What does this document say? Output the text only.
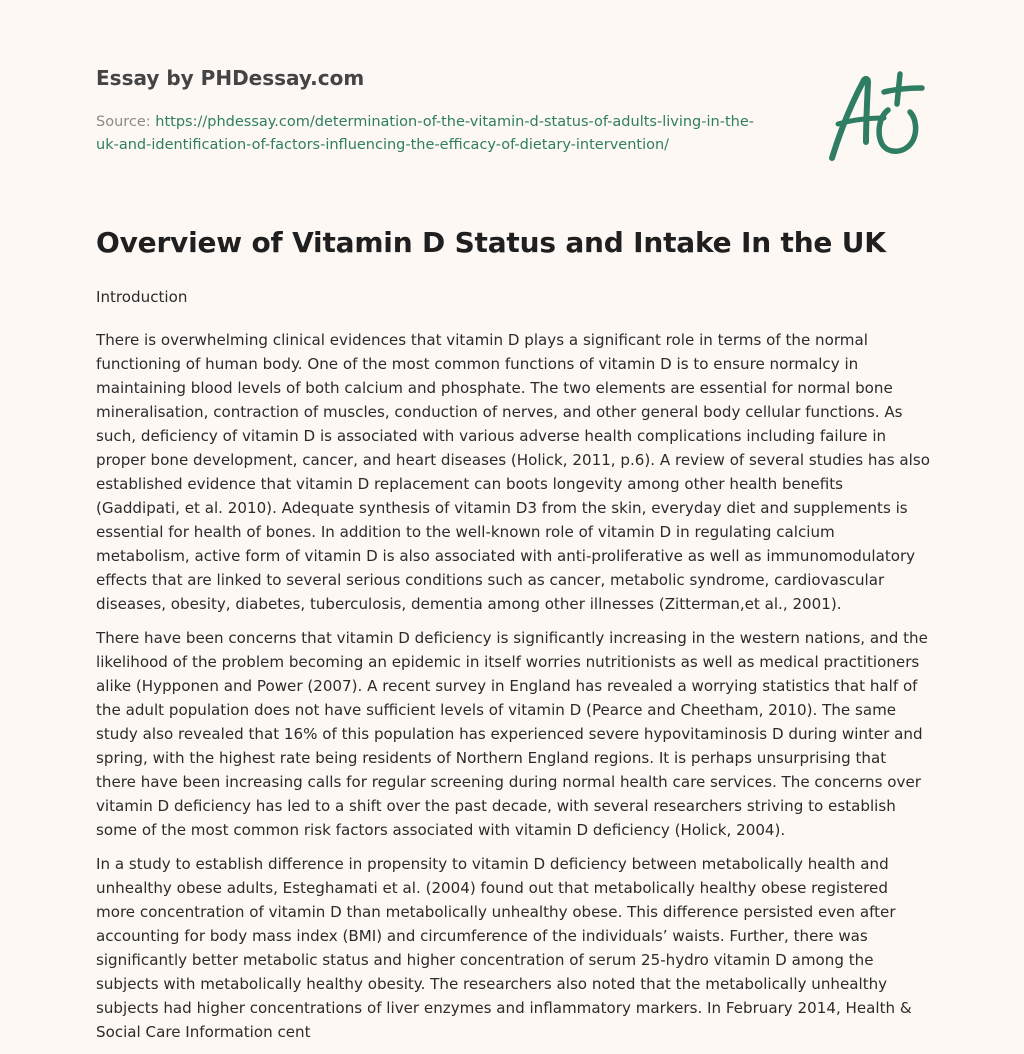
Essay by PHDessay.com
Source: https://phdessay.com/determination-of-the-vitamin-d-status-of-adults-living-in-the-uk-and-identification-of-factors-influencing-the-efficacy-of-dietary-intervention/
Overview of Vitamin D Status and Intake In the UK

Introduction

There is overwhelming clinical evidences that vitamin D plays a significant role in terms of the normal functioning of human body. One of the most common functions of vitamin D is to ensure normalcy in maintaining blood levels of both calcium and phosphate. The two elements are essential for normal bone mineralisation, contraction of muscles, conduction of nerves, and other general body cellular functions. As such, deficiency of vitamin D is associated with various adverse health complications including failure in proper bone development, cancer, and heart diseases (Holick, 2011, p.6). A review of several studies has also established evidence that vitamin D replacement can boots longevity among other health benefits (Gaddipati, et al. 2010). Adequate synthesis of vitamin D3 from the skin, everyday diet and supplements is essential for health of bones. In addition to the well-known role of vitamin D in regulating calcium metabolism, active form of vitamin D is also associated with anti-proliferative as well as immunomodulatory effects that are linked to several serious conditions such as cancer, metabolic syndrome, cardiovascular diseases, obesity, diabetes, tuberculosis, dementia among other illnesses (Zitterman,et al., 2001).

There have been concerns that vitamin D deficiency is significantly increasing in the western nations, and the likelihood of the problem becoming an epidemic in itself worries nutritionists as well as medical practitioners alike (Hypponen and Power (2007). A recent survey in England has revealed a worrying statistics that half of the adult population does not have sufficient levels of vitamin D (Pearce and Cheetham, 2010). The same study also revealed that 16% of this population has experienced severe hypovitaminosis D during winter and spring, with the highest rate being residents of Northern England regions. It is perhaps unsurprising that there have been increasing calls for regular screening during normal health care services. The concerns over vitamin D deficiency has led to a shift over the past decade, with several researchers striving to establish some of the most common risk factors associated with vitamin D deficiency (Holick, 2004).

In a study to establish difference in propensity to vitamin D deficiency between metabolically health and unhealthy obese adults, Esteghamati et al. (2004) found out that metabolically healthy obese registered more concentration of vitamin D than metabolically unhealthy obese. This difference persisted even after accounting for body mass index (BMI) and circumference of the individuals’ waists. Further, there was significantly better metabolic status and higher concentration of serum 25-hydro vitamin D among the subjects with metabolically healthy obesity. The researchers also noted that the metabolically unhealthy subjects had higher concentrations of liver enzymes and inflammatory markers. In February 2014, Health & Social Care Information cent
